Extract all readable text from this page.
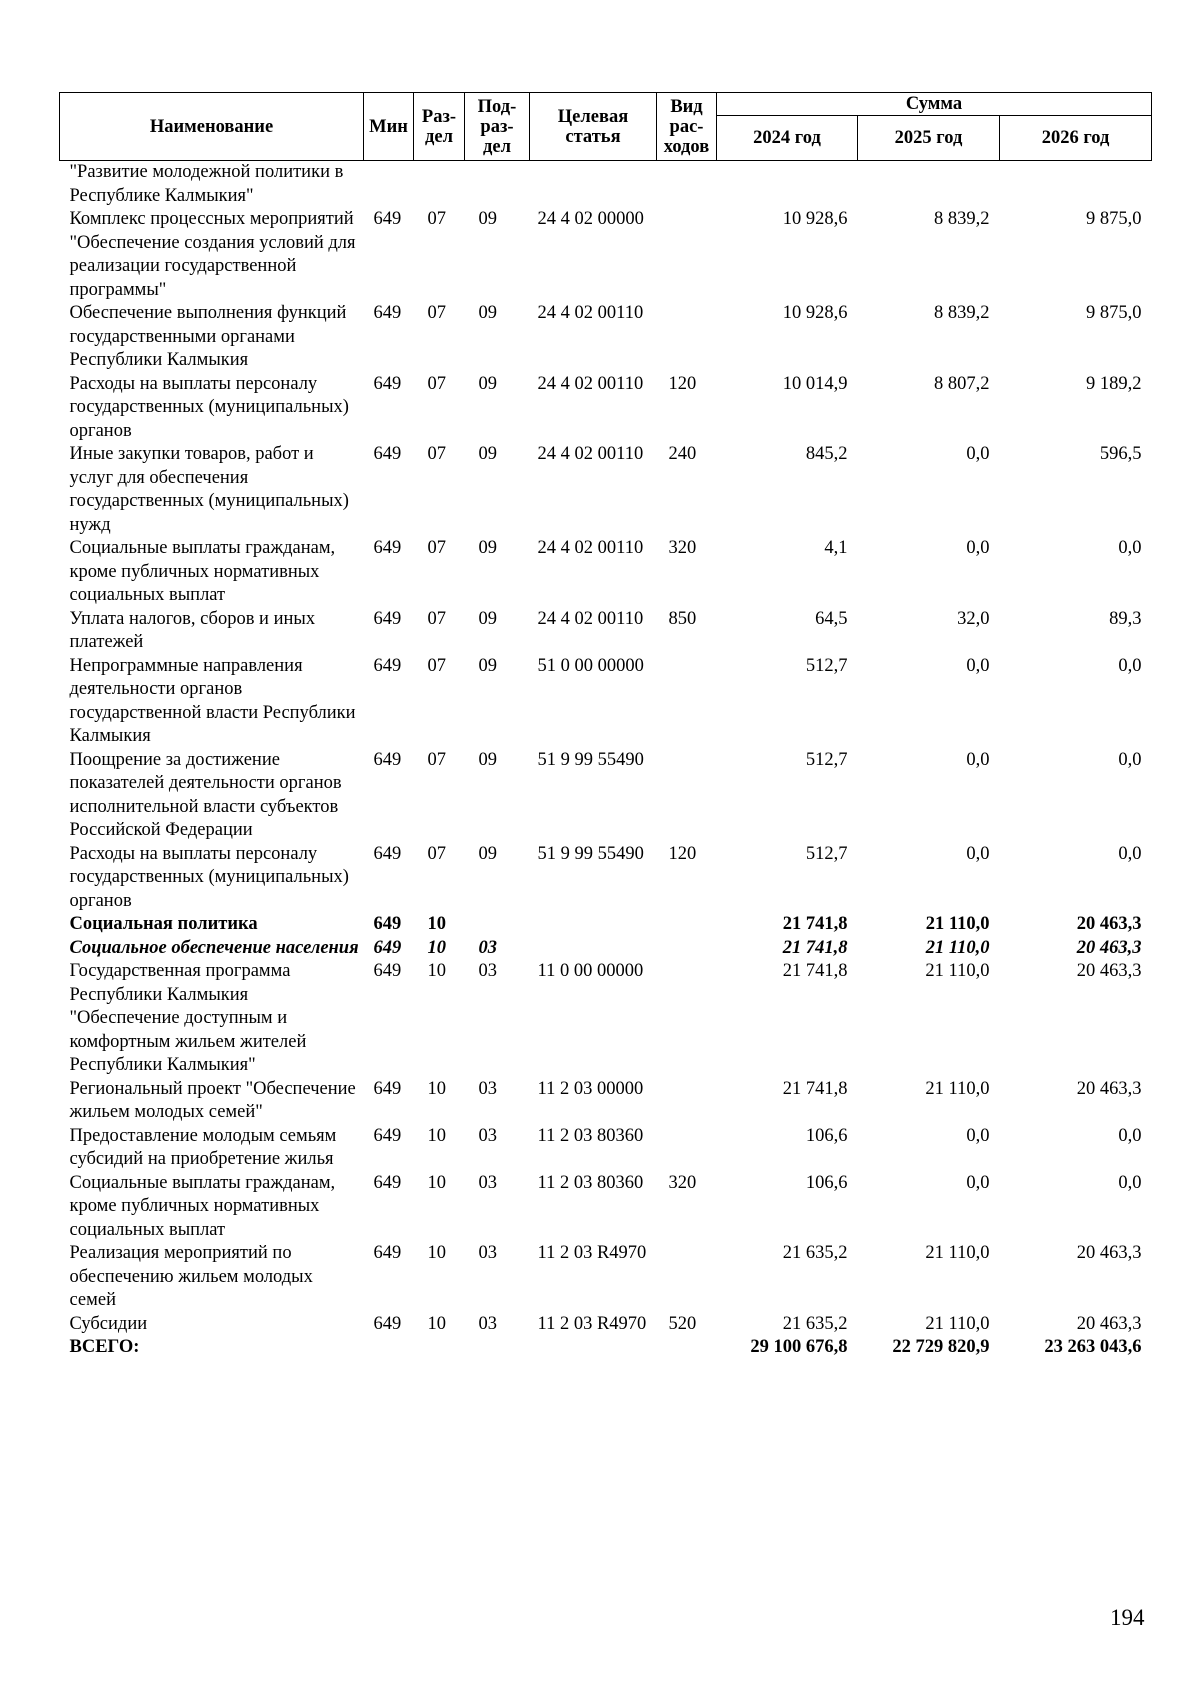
Наименование	Мин	Раз-дел	Под-раз-дел	Целевая статья	Вид рас-ходов	Сумма		
						2024 год	2025 год	2026 год
"Развитие молодежной политики в Республике Калмыкия"								
Комплекс процессных мероприятий "Обеспечение создания условий для реализации государственной программы"	649	07	09	24 4 02 00000		10 928,6	8 839,2	9 875,0
Обеспечение выполнения функций государственными органами Республики Калмыкия	649	07	09	24 4 02 00110		10 928,6	8 839,2	9 875,0
Расходы на выплаты персоналу государственных (муниципальных) органов	649	07	09	24 4 02 00110	120	10 014,9	8 807,2	9 189,2
Иные закупки товаров, работ и услуг для обеспечения государственных (муниципальных) нужд	649	07	09	24 4 02 00110	240	845,2	0,0	596,5
Социальные выплаты гражданам, кроме публичных нормативных социальных выплат	649	07	09	24 4 02 00110	320	4,1	0,0	0,0
Уплата налогов, сборов и иных платежей	649	07	09	24 4 02 00110	850	64,5	32,0	89,3
Непрограммные направления деятельности органов государственной власти Республики Калмыкия	649	07	09	51 0 00 00000		512,7	0,0	0,0
Поощрение за достижение показателей деятельности органов исполнительной власти субъектов Российской Федерации	649	07	09	51 9 99 55490		512,7	0,0	0,0
Расходы на выплаты персоналу государственных (муниципальных) органов	649	07	09	51 9 99 55490	120	512,7	0,0	0,0
Социальная политика	649	10				21 741,8	21 110,0	20 463,3
Социальное обеспечение населения	649	10	03			21 741,8	21 110,0	20 463,3
Государственная программа Республики Калмыкия "Обеспечение доступным и комфортным жильем жителей Республики Калмыкия"	649	10	03	11 0 00 00000		21 741,8	21 110,0	20 463,3
Региональный проект "Обеспечение жильем молодых семей"	649	10	03	11 2 03 00000		21 741,8	21 110,0	20 463,3
Предоставление молодым семьям субсидий на приобретение жилья	649	10	03	11 2 03 80360		106,6	0,0	0,0
Социальные выплаты гражданам, кроме публичных нормативных социальных выплат	649	10	03	11 2 03 80360	320	106,6	0,0	0,0
Реализация мероприятий по обеспечению жильем молодых семей	649	10	03	11 2 03 R4970		21 635,2	21 110,0	20 463,3
Субсидии	649	10	03	11 2 03 R4970	520	21 635,2	21 110,0	20 463,3
ВСЕГО:						29 100 676,8	22 729 820,9	23 263 043,6
194
